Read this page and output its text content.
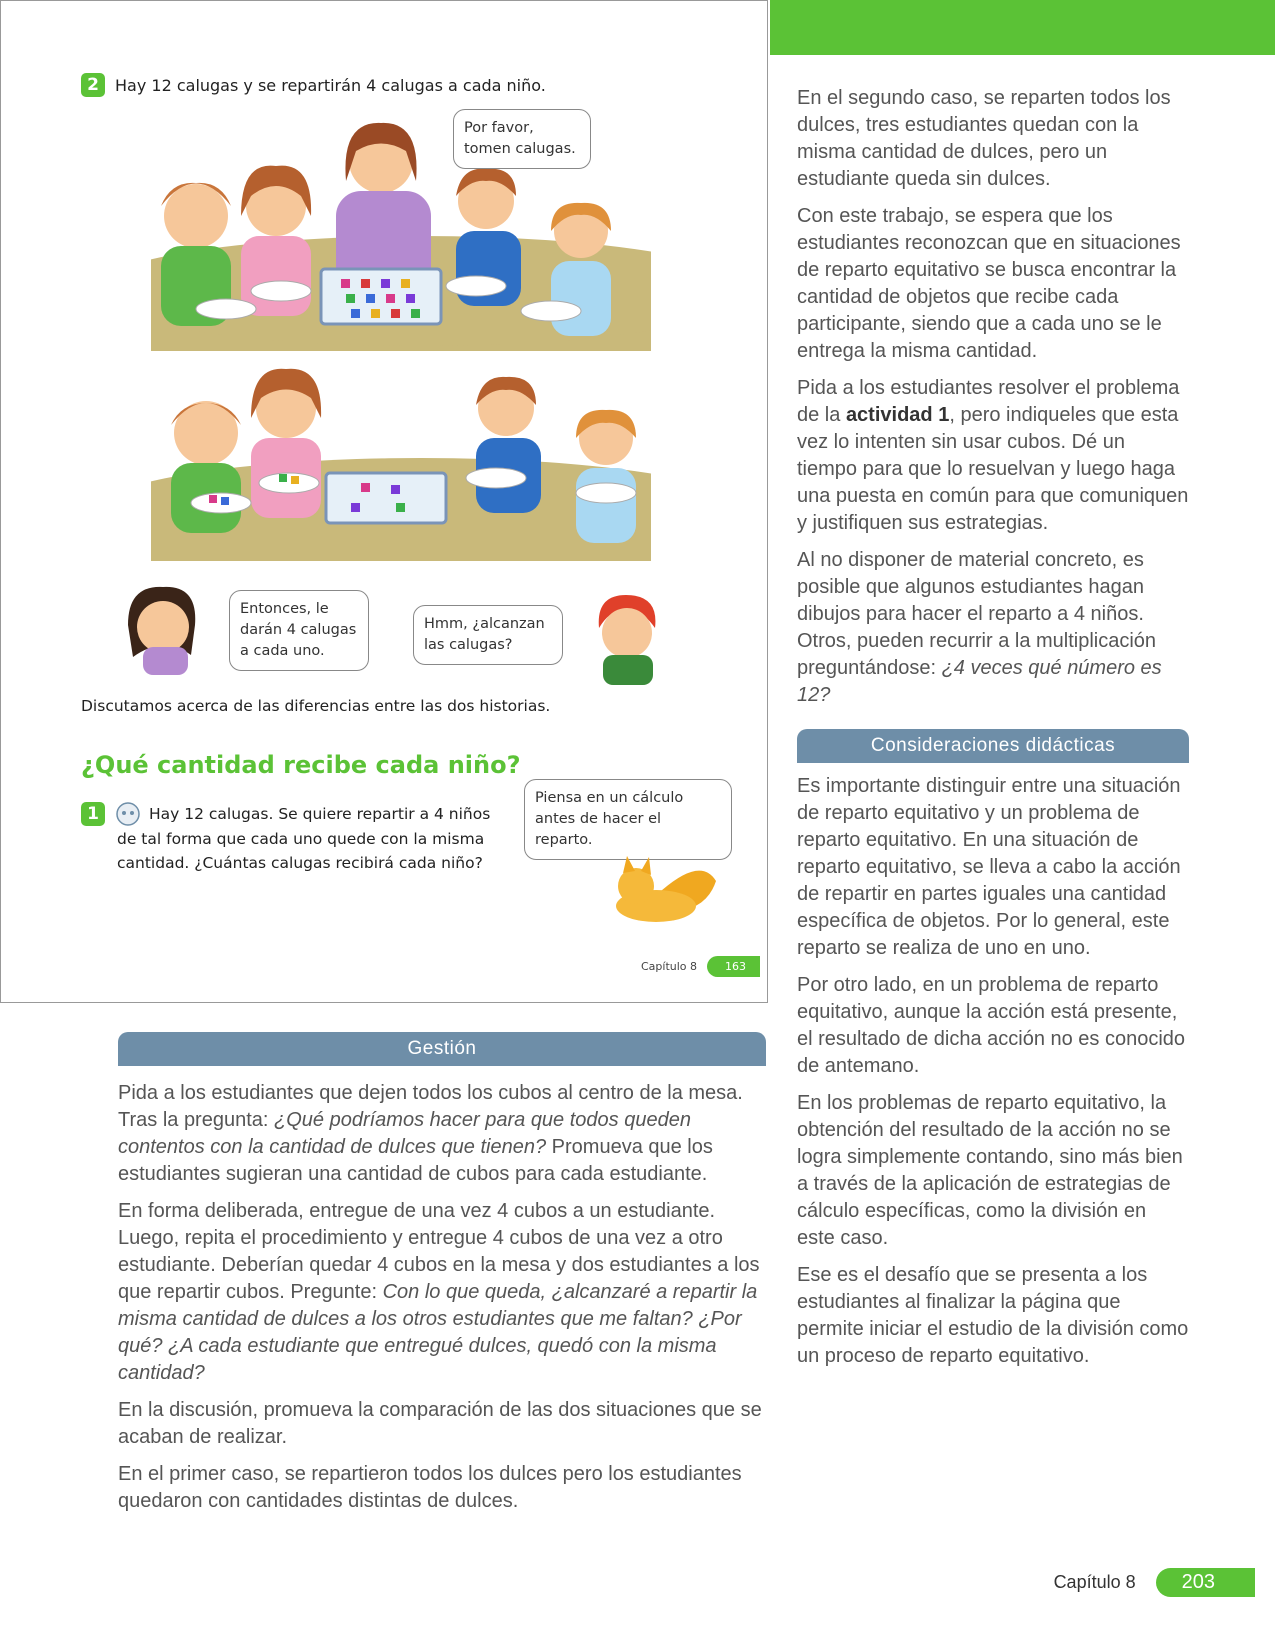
2	Hay 12 calugas y se repartirán 4 calugas a cada niño.
Por favor,
tomen calugas.
Entonces, le
darán 4 calugas
a cada uno.
Hmm, ¿alcanzan
las calugas?
Discutamos acerca de las diferencias entre las dos historias.
¿Qué cantidad recibe cada niño?
1	Hay 12 calugas. Se quiere repartir a 4 niños
de tal forma que cada uno quede con la misma cantidad. ¿Cuántas calugas recibirá cada niño?
Piensa en un cálculo
antes de hacer el reparto.
Capítulo 8	163
Gestión

Pida a los estudiantes que dejen todos los cubos al centro de la mesa. Tras la pregunta: ¿Qué podríamos hacer para que todos queden contentos con la cantidad de dulces que tienen? Promueva que los estudiantes sugieran una cantidad de cubos para cada estudiante.

En forma deliberada, entregue de una vez 4 cubos a un estudiante. Luego, repita el procedimiento y entregue 4 cubos de una vez a otro estudiante. Deberían quedar 4 cubos en la mesa y dos estudiantes a los que repartir cubos. Pregunte: Con lo que queda, ¿alcanzaré a repartir la misma cantidad de dulces a los otros estudiantes que me faltan? ¿Por qué? ¿A cada estudiante que entregué dulces, quedó con la misma cantidad?

En la discusión, promueva la comparación de las dos situaciones que se acaban de realizar.

En el primer caso, se repartieron todos los dulces pero los estudiantes quedaron con cantidades distintas de dulces.

En el segundo caso, se reparten todos los dulces, tres estudiantes quedan con la misma cantidad de dulces, pero un estudiante queda sin dulces.

Con este trabajo, se espera que los estudiantes reconozcan que en situaciones de reparto equitativo se busca encontrar la cantidad de objetos que recibe cada participante, siendo que a cada uno se le entrega la misma cantidad.

Pida a los estudiantes resolver el problema de la actividad 1, pero indiqueles que esta vez lo intenten sin usar cubos. Dé un tiempo para que lo resuelvan y luego haga una puesta en común para que comuniquen y justifiquen sus estrategias.

Al no disponer de material concreto, es posible que algunos estudiantes hagan dibujos para hacer el reparto a 4 niños. Otros, pueden recurrir a la multiplicación preguntándose: ¿4 veces qué número es 12?

Consideraciones didácticas

Es importante distinguir entre una situación de reparto equitativo y un problema de reparto equitativo. En una situación de reparto equitativo, se lleva a cabo la acción de repartir en partes iguales una cantidad específica de objetos. Por lo general, este reparto se realiza de uno en uno.

Por otro lado, en un problema de reparto equitativo, aunque la acción está presente, el resultado de dicha acción no es conocido de antemano.

En los problemas de reparto equitativo, la obtención del resultado de la acción no se logra simplemente contando, sino más bien a través de la aplicación de estrategias de cálculo específicas, como la división en este caso.

Ese es el desafío que se presenta a los estudiantes al finalizar la página que permite iniciar el estudio de la división como un proceso de reparto equitativo.

Capítulo 8	203
